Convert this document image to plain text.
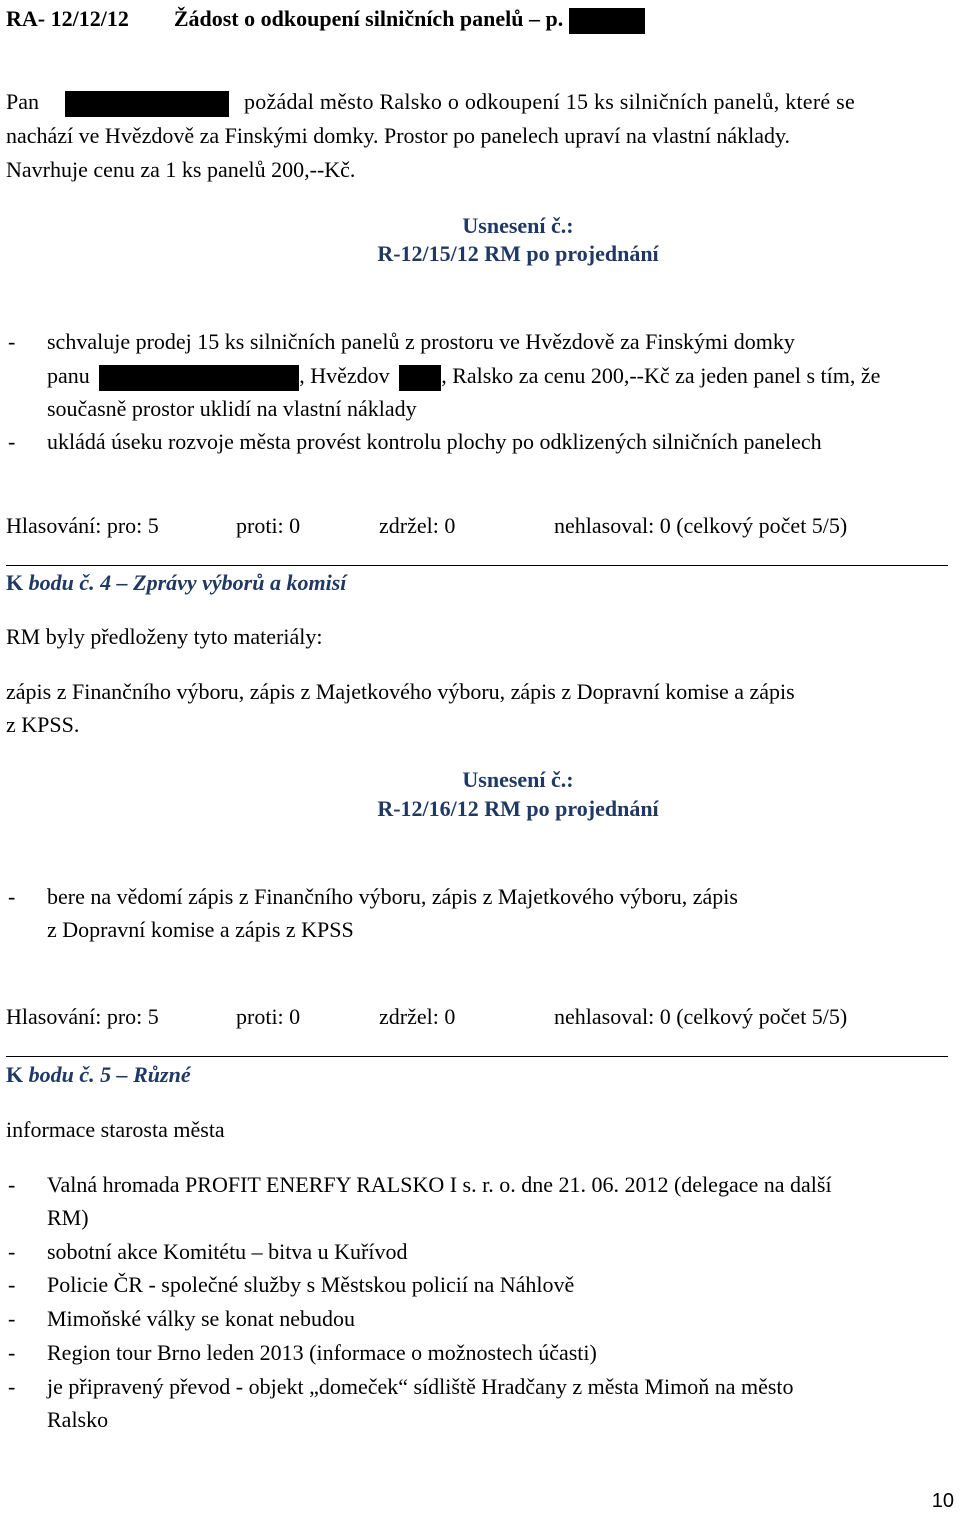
RA- 12/12/12 Žádost o odkoupení silničních panelů – p.
Pan	požádal město Ralsko o odkoupení 15 ks silničních panelů, které se
nachází ve Hvězdově za Finskými domky. Prostor po panelech upraví na vlastní náklady.
Navrhuje cenu za 1 ks panelů 200,--Kč.
Usnesení č.:
R-12/15/12 RM po projednání
- schvaluje prodej 15 ks silničních panelů z prostoru ve Hvězdově za Finskými domky
panu	, Hvězdov , Ralsko za cenu 200,--Kč za jeden panel s tím, že
současně prostor uklidí na vlastní náklady
- ukládá úseku rozvoje města provést kontrolu plochy po odklizených silničních panelech
Hlasování: pro: 5	proti: 0	zdržel: 0	nehlasoval: 0 (celkový počet 5/5)
K bodu č. 4 – Zprávy výborů a komisí
RM byly předloženy tyto materiály:
zápis z Finančního výboru, zápis z Majetkového výboru, zápis z Dopravní komise a zápis
z KPSS.
Usnesení č.:
R-12/16/12 RM po projednání
- bere na vědomí zápis z Finančního výboru, zápis z Majetkového výboru, zápis
z Dopravní komise a zápis z KPSS
Hlasování: pro: 5	proti: 0	zdržel: 0	nehlasoval: 0 (celkový počet 5/5)
K bodu č. 5 – Různé
informace starosta města
- Valná hromada PROFIT ENERFY RALSKO I s. r. o. dne 21. 06. 2012 (delegace na další
RM)
- sobotní akce Komitétu – bitva u Kuřívod
- Policie ČR - společné služby s Městskou policií na Náhlově
- Mimoňské války se konat nebudou
- Region tour Brno leden 2013 (informace o možnostech účasti)
- je připravený převod - objekt „domeček“ sídliště Hradčany z města Mimoň na město
Ralsko
10
